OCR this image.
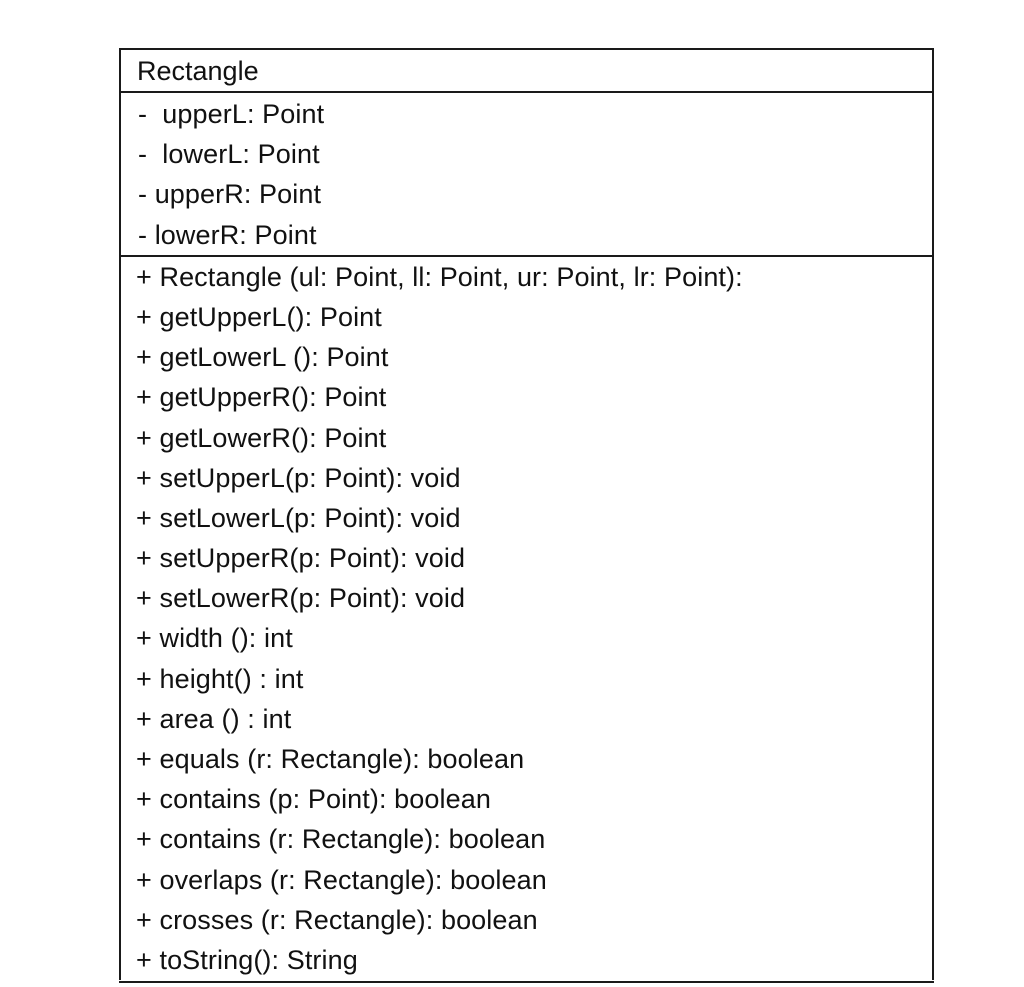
Rectangle
-  upperL: Point
-  lowerL: Point
- upperR: Point
- lowerR: Point
+ Rectangle (ul: Point, ll: Point, ur: Point, lr: Point):
+ getUpperL(): Point
+ getLowerL (): Point
+ getUpperR(): Point
+ getLowerR(): Point
+ setUpperL(p: Point): void
+ setLowerL(p: Point): void
+ setUpperR(p: Point): void
+ setLowerR(p: Point): void
+ width (): int
+ height() : int
+ area () : int
+ equals (r: Rectangle): boolean
+ contains (p: Point): boolean
+ contains (r: Rectangle): boolean
+ overlaps (r: Rectangle): boolean
+ crosses (r: Rectangle): boolean
+ toString(): String
